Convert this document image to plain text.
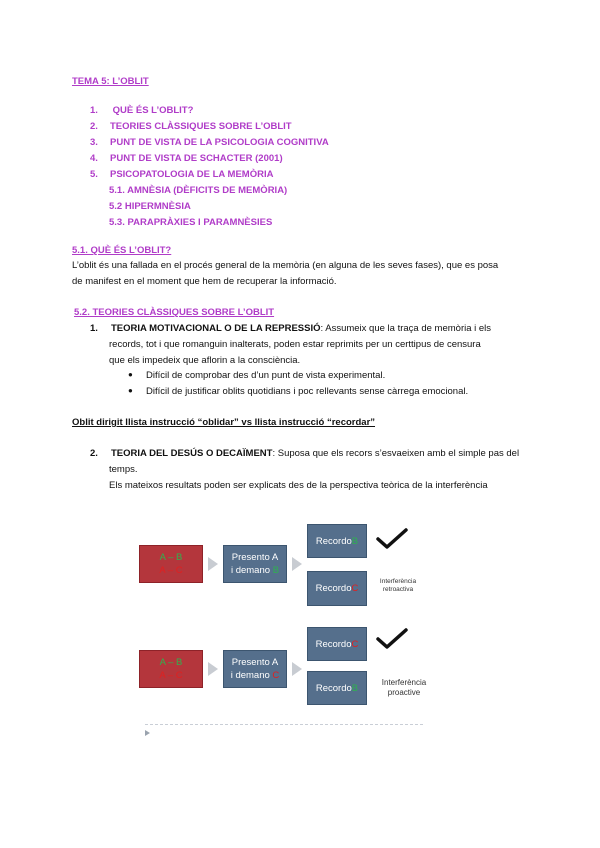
TEMA 5: L’OBLIT
1. QUÈ ÉS L’OBLIT?
2. TEORIES CLÀSSIQUES SOBRE L’OBLIT
3. PUNT DE VISTA DE LA PSICOLOGIA COGNITIVA
4. PUNT DE VISTA DE SCHACTER (2001)
5. PSICOPATOLOGIA DE LA MEMÒRIA
5.1. AMNÈSIA (DÈFICITS DE MEMÒRIA)
5.2 HIPERMNÈSIA
5.3. PARAPRÀXIES I PARAMNÈSIES
5.1. QUÈ ÉS L’OBLIT?
L’oblit és una fallada en el procés general de la memòria (en alguna de les seves fases), que es posa
de manifest en el moment que hem de recuperar la informació.
5.2. TEORIES CLÀSSIQUES SOBRE L’OBLIT
1. TEORIA MOTIVACIONAL O DE LA REPRESSIÓ: Assumeix que la traça de memòria i els
records, tot i que romanguin inalterats, poden estar reprimits per un certtipus de censura
que els impedeix que aflorin a la consciència.
● Difícil de comprobar des d’un punt de vista experimental.
● Difícil de justificar oblits quotidians i poc rellevants sense càrrega emocional.
Oblit dirigit llista instrucció “oblidar” vs llista instrucció “recordar”
2. TEORIA DEL DESÚS O DECAÏMENT: Suposa que els recors s’esvaeixen amb el simple pas del
temps.
Els mateixos resultats poden ser explicats des de la perspectiva teòrica de la interferència
A – B
A – C
Presento A
i demano B
Recordo B
Recordo C
Interferència
retroactiva
A – B
A – C
Presento A
i demano C
Recordo C
Recordo B	Interferència
proactive
